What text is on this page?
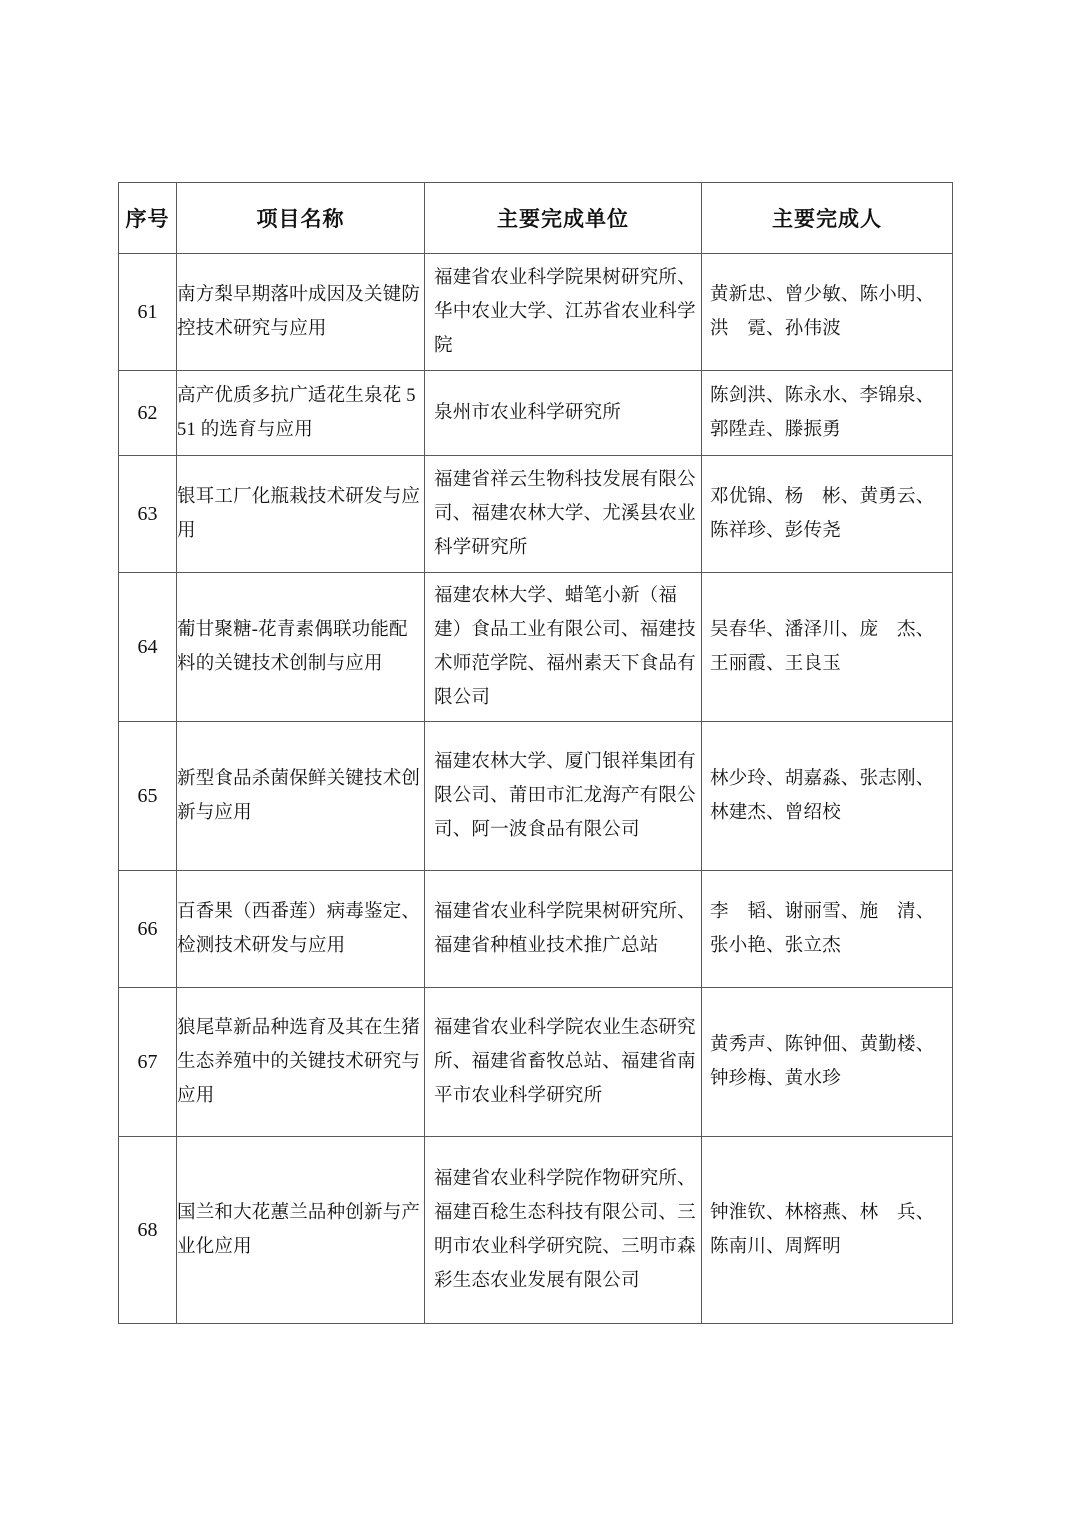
序号	项目名称	主要完成单位	主要完成人
61	南方梨早期落叶成因及关键防控技术研究与应用	福建省农业科学院果树研究所、华中农业大学、江苏省农业科学院	黄新忠、曾少敏、陈小明、洪　霓、孙伟波
62	高产优质多抗广适花生泉花 551 的选育与应用	泉州市农业科学研究所	陈剑洪、陈永水、李锦泉、郭陞垚、滕振勇
63	银耳工厂化瓶栽技术研发与应用	福建省祥云生物科技发展有限公司、福建农林大学、尤溪县农业科学研究所	邓优锦、杨　彬、黄勇云、陈祥珍、彭传尧
64	葡甘聚糖-花青素偶联功能配料的关键技术创制与应用	福建农林大学、蜡笔小新（福建）食品工业有限公司、福建技术师范学院、福州素天下食品有限公司	吴春华、潘泽川、庞　杰、王丽霞、王良玉
65	新型食品杀菌保鲜关键技术创新与应用	福建农林大学、厦门银祥集团有限公司、莆田市汇龙海产有限公司、阿一波食品有限公司	林少玲、胡嘉淼、张志刚、林建杰、曾绍校
66	百香果（西番莲）病毒鉴定、检测技术研发与应用	福建省农业科学院果树研究所、福建省种植业技术推广总站	李　韬、谢丽雪、施　清、张小艳、张立杰
67	狼尾草新品种选育及其在生猪生态养殖中的关键技术研究与应用	福建省农业科学院农业生态研究所、福建省畜牧总站、福建省南平市农业科学研究所	黄秀声、陈钟佃、黄勤楼、钟珍梅、黄水珍
68	国兰和大花蕙兰品种创新与产业化应用	福建省农业科学院作物研究所、福建百稔生态科技有限公司、三明市农业科学研究院、三明市森彩生态农业发展有限公司	钟淮钦、林榕燕、林　兵、陈南川、周辉明
